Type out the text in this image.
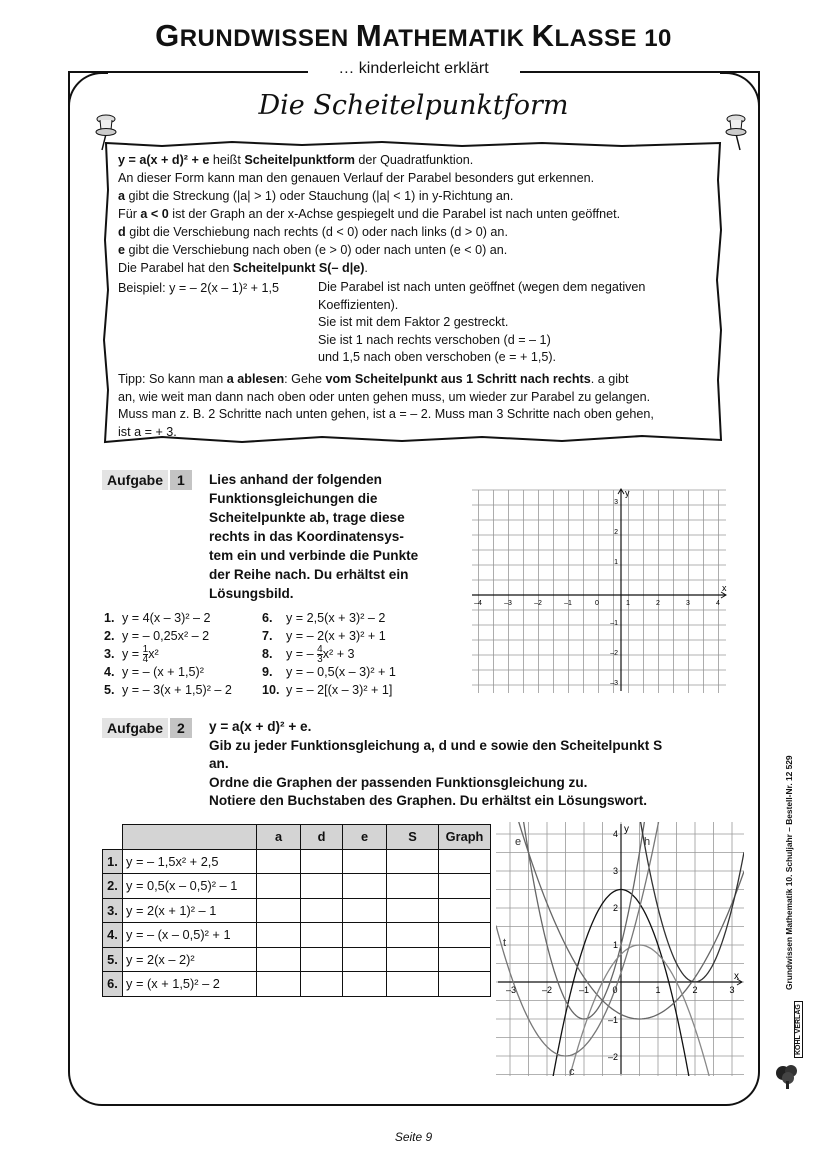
GRUNDWISSEN MATHEMATIK KLASSE 10
… kinderleicht erklärt
Die Scheitelpunktform

y = a(x + d)² + e heißt Scheitelpunktform der Quadratfunktion.

An dieser Form kann man den genauen Verlauf der Parabel besonders gut erkennen.

a gibt die Streckung (|a| > 1) oder Stauchung (|a| < 1) in y-Richtung an.

Für a < 0 ist der Graph an der x-Achse gespiegelt und die Parabel ist nach unten geöffnet.

d gibt die Verschiebung nach rechts (d < 0) oder nach links (d > 0) an.

e gibt die Verschiebung nach oben (e > 0) oder nach unten (e < 0) an.

Die Parabel hat den Scheitelpunkt S(– d|e).

Beispiel: y = – 2(x – 1)² + 1,5	Die Parabel ist nach unten geöffnet (wegen dem negativen
Koeffizienten).
Sie ist mit dem Faktor 2 gestreckt.
Sie ist 1 nach rechts verschoben (d = – 1)
und 1,5 nach oben verschoben (e = + 1,5).

Tipp: So kann man a ablesen: Gehe vom Scheitelpunkt aus 1 Schritt nach rechts. a gibt

an, wie weit man dann nach oben oder unten gehen muss, um wieder zur Parabel zu gelangen.

Muss man z. B. 2 Schritte nach unten gehen, ist a = – 2. Muss man 3 Schritte nach oben gehen,

ist a = + 3.

Aufgabe 1	Lies anhand der folgenden
Funktionsgleichungen die
Scheitelpunkte ab, trage diese
rechts in das Koordinatensys-
tem ein und verbinde die Punkte
der Reihe nach. Du erhältst ein
Lösungsbild.
1. y = 4(x – 3)² – 2
2. y = – 0,25x² – 2
3. $y = \frac{1}{4} x^2$
4. y = – (x + 1,5)²
5. y = – 3(x + 1,5)² – 2
6. y = 2,5(x + 3)² – 2
7. y = – 2(x + 3)² + 1
8. y = – $\frac{4}{3} x^2 + 3$
9. y = – 0,5(x – 3)² + 1
10. y = – 2[(x – 3)² + 1]
x
y
–4	–3	–2	–1	0	1	2	3	4
3
2
1
–1
–2
–3
Aufgabe 2	y = a(x + d)² + e.
Gib zu jeder Funktionsgleichung a, d und e sowie den Scheitelpunkt S
an.
Ordne die Graphen der passenden Funktionsgleichung zu.
Notiere den Buchstaben des Graphen. Du erhältst ein Lösungswort.
		a	d	e	S	Graph
1.	y = – 1,5x² + 2,5					
2.	y = 0,5(x – 0,5)² – 1					
3.	y = 2(x + 1)² – 1					
4.	y = – (x – 0,5)² + 1					
5.	y = 2(x – 2)²					
6.	y = (x + 1,5)² – 2						x
y
–3	–2	–1	0	1	2	3
4
3
2
1
–1
–2
e	h
t
c
Grundwissen Mathematik 10. Schuljahr – Bestell-Nr. 12 529
KOHL VERLAG
Seite 9
